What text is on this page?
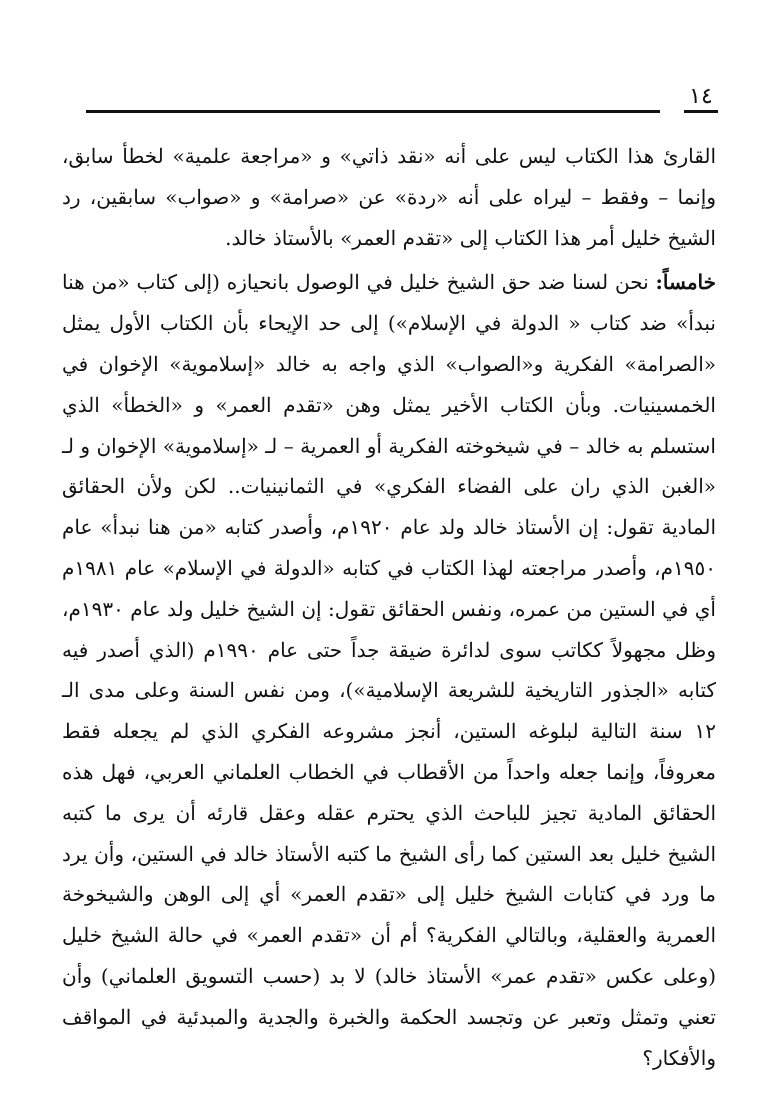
١٤

القارئ هذا الكتاب ليس على أنه «نقد ذاتي» و «مراجعة علمية» لخطأ سابق، وإنما – وفقط – ليراه على أنه «ردة» عن «صرامة» و «صواب» سابقين، رد الشيخ خليل أمر هذا الكتاب إلى «تقدم العمر» بالأستاذ خالد.

خامساً: نحن لسنا ضد حق الشيخ خليل في الوصول بانحيازه (إلى كتاب «من هنا نبدأ» ضد كتاب « الدولة في الإسلام») إلى حد الإيحاء بأن الكتاب الأول يمثل «الصرامة» الفكرية و«الصواب» الذي واجه به خالد «إسلاموية» الإخوان في الخمسينيات. وبأن الكتاب الأخير يمثل وهن «تقدم العمر» و «الخطأ» الذي استسلم به خالد – في شيخوخته الفكرية أو العمرية – لـ «إسلاموية» الإخوان و لـ «الغبن الذي ران على الفضاء الفكري» في الثمانينيات.. لكن ولأن الحقائق المادية تقول: إن الأستاذ خالد ولد عام ١٩٢٠م، وأصدر كتابه «من هنا نبدأ» عام ١٩٥٠م، وأصدر مراجعته لهذا الكتاب في كتابه «الدولة في الإسلام» عام ١٩٨١م أي في الستين من عمره، ونفس الحقائق تقول: إن الشيخ خليل ولد عام ١٩٣٠م، وظل مجهولاً ككاتب سوى لدائرة ضيقة جداً حتى عام ١٩٩٠م (الذي أصدر فيه كتابه «الجذور التاريخية للشريعة الإسلامية»)، ومن نفس السنة وعلى مدى الـ ١٢ سنة التالية لبلوغه الستين، أنجز مشروعه الفكري الذي لم يجعله فقط معروفاً، وإنما جعله واحداً من الأقطاب في الخطاب العلماني العربي، فهل هذه الحقائق المادية تجيز للباحث الذي يحترم عقله وعقل قارئه أن يرى ما كتبه الشيخ خليل بعد الستين كما رأى الشيخ ما كتبه الأستاذ خالد في الستين، وأن يرد ما ورد في كتابات الشيخ خليل إلى «تقدم العمر» أي إلى الوهن والشيخوخة العمرية والعقلية، وبالتالي الفكرية؟ أم أن «تقدم العمر» في حالة الشيخ خليل (وعلى عكس «تقدم عمر» الأستاذ خالد) لا بد (حسب التسويق العلماني) وأن تعني وتمثل وتعبر عن وتجسد الحكمة والخبرة والجدية والمبدئية في المواقف والأفكار؟
